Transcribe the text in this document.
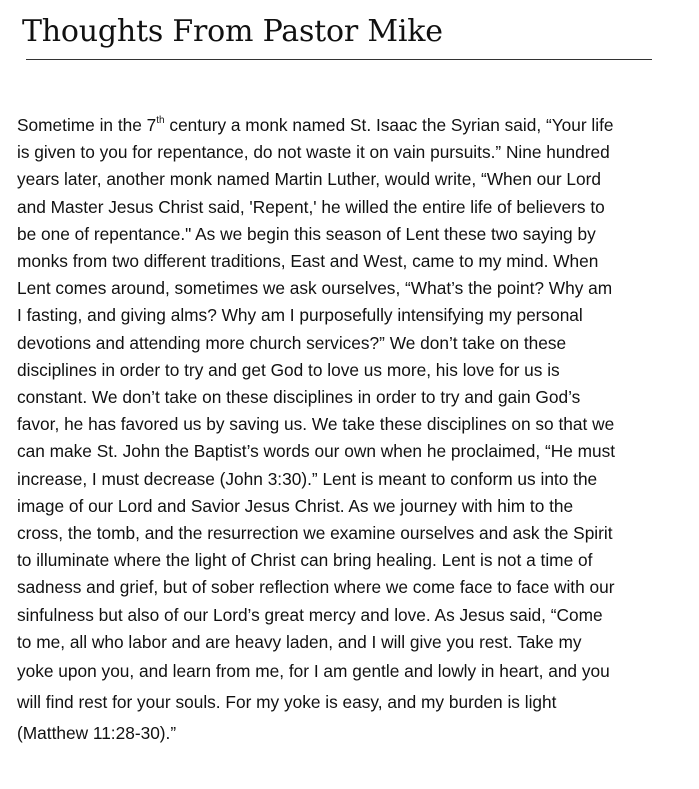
Thoughts From Pastor Mike
Sometime in the 7th century a monk named St. Isaac the Syrian said, “Your life
is given to you for repentance, do not waste it on vain pursuits.” Nine hundred
years later, another monk named Martin Luther, would write, “When our Lord
and Master Jesus Christ said, 'Repent,' he willed the entire life of believers to
be one of repentance." As we begin this season of Lent these two saying by
monks from two different traditions, East and West, came to my mind. When
Lent comes around, sometimes we ask ourselves, “What’s the point? Why am
I fasting, and giving alms? Why am I purposefully intensifying my personal
devotions and attending more church services?” We don’t take on these
disciplines in order to try and get God to love us more, his love for us is
constant. We don’t take on these disciplines in order to try and gain God’s
favor, he has favored us by saving us. We take these disciplines on so that we
can make St. John the Baptist’s words our own when he proclaimed, “He must
increase, I must decrease (John 3:30).” Lent is meant to conform us into the
image of our Lord and Savior Jesus Christ. As we journey with him to the
cross, the tomb, and the resurrection we examine ourselves and ask the Spirit
to illuminate where the light of Christ can bring healing. Lent is not a time of
sadness and grief, but of sober reflection where we come face to face with our
sinfulness but also of our Lord’s great mercy and love. As Jesus said, “Come
to me, all who labor and are heavy laden, and I will give you rest. Take my
yoke upon you, and learn from me, for I am gentle and lowly in heart, and you
will find rest for your souls. For my yoke is easy, and my burden is light
(Matthew 11:28-30).”
